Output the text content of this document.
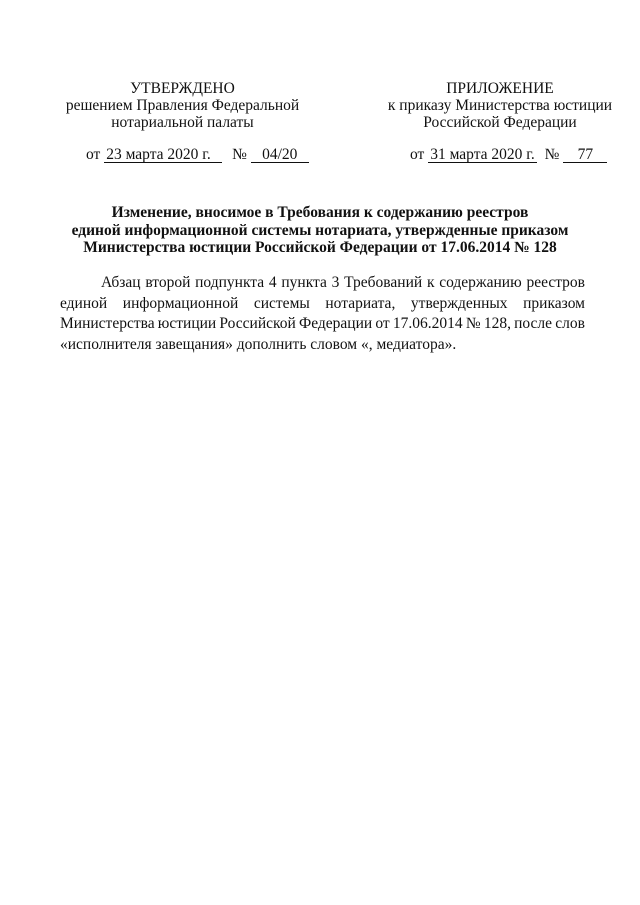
УТВЕРЖДЕНО
решением Правления Федеральной
нотариальной палаты
ПРИЛОЖЕНИЕ
к приказу Министерства юстиции
Российской Федерации
от 23 марта 2020 г. № 04/20	от 31 марта 2020 г. № 77
Изменение, вносимое в Требования к содержанию реестров
единой информационной системы нотариата, утвержденные приказом
Министерства юстиции Российской Федерации от 17.06.2014 № 128
Абзац второй подпункта 4 пункта 3 Требований к содержанию реестров
единой информационной системы нотариата, утвержденных приказом
Министерства юстиции Российской Федерации от 17.06.2014 № 128, после слов
«исполнителя завещания» дополнить словом «, медиатора».
